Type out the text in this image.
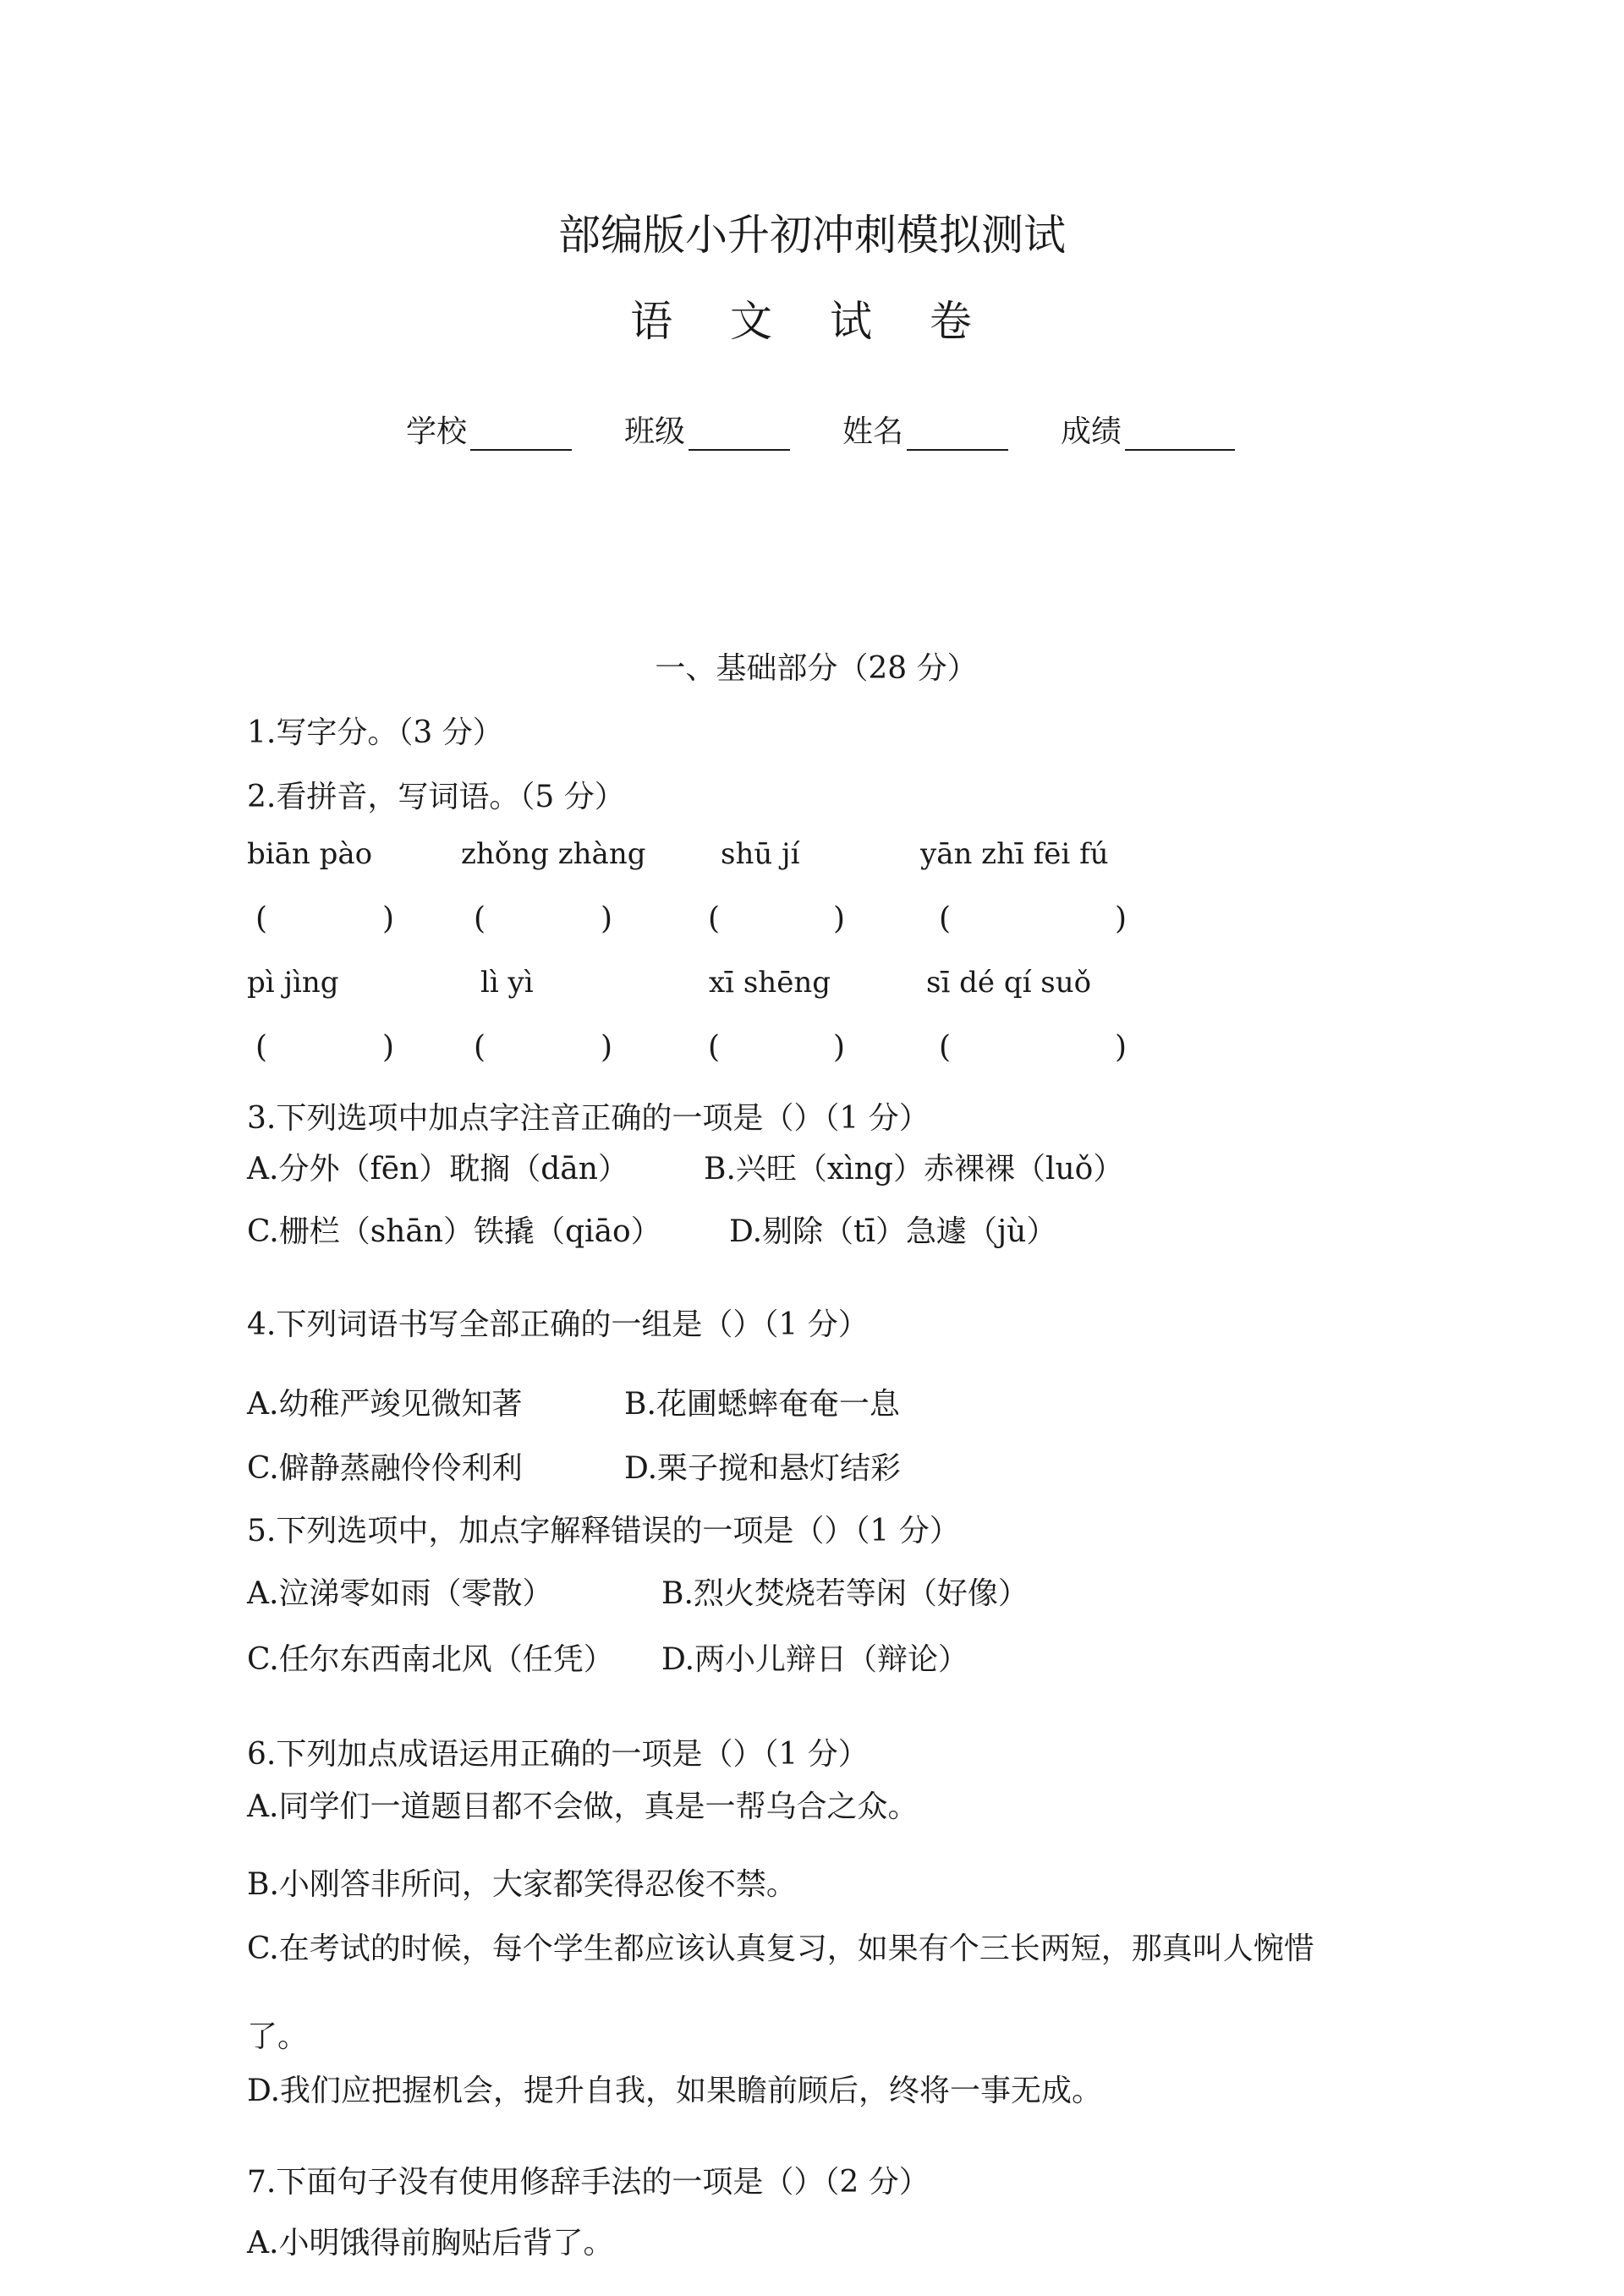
部编版小升初冲刺模拟测试
语 文 试 卷
学校	班级	姓名	成绩
一、基础部分（28 分）
1.写字分。（3 分）
2.看拼音，写词语。（5 分）
biān pào	zhǒng zhàng	shū jí	yān zhī fēi fú
(	)	(	)	(	)	(	)
pì jìng	lì yì	xī shēng	sī dé qí suǒ
(	)	(	)	(	)	(	)
3.下列选项中加点字注音正确的一项是（）（1 分）
A.分外（fēn）耽搁（dān） B.兴旺（xìng）赤裸裸（luǒ）
C.栅栏（shān）铁撬（qiāo） D.剔除（tī）急遽（jù）
4.下列词语书写全部正确的一组是（）（1 分）
A.幼稚严竣见微知著	B.花圃蟋蟀奄奄一息
C.僻静蒸融伶伶利利	D.栗子搅和悬灯结彩
5.下列选项中，加点字解释错误的一项是（）（1 分）
A.泣涕零如雨（零散）	B.烈火焚烧若等闲（好像）
C.任尔东西南北风（任凭） D.两小儿辩日（辩论）
6.下列加点成语运用正确的一项是（）（1 分）
A.同学们一道题目都不会做，真是一帮乌合之众。
B.小刚答非所问，大家都笑得忍俊不禁。
C.在考试的时候，每个学生都应该认真复习，如果有个三长两短，那真叫人惋惜
了。
D.我们应把握机会，提升自我，如果瞻前顾后，终将一事无成。
7.下面句子没有使用修辞手法的一项是（）（2 分）
A.小明饿得前胸贴后背了。
